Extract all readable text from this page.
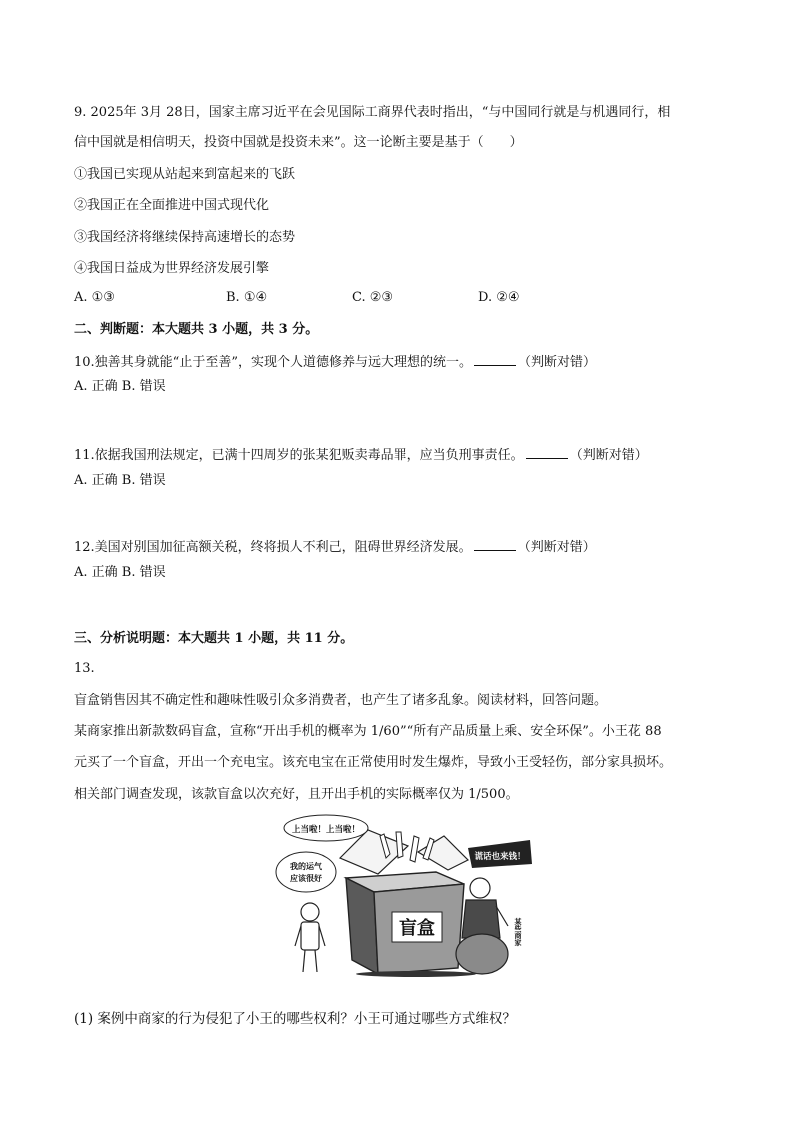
9. 2025年 3月 28日，国家主席习近平在会见国际工商界代表时指出，“与中国同行就是与机遇同行，相
信中国就是相信明天，投资中国就是投资未来”。这一论断主要是基于（　　）
①我国已实现从站起来到富起来的飞跃
②我国正在全面推进中国式现代化
③我国经济将继续保持高速增长的态势
④我国日益成为世界经济发展引擎
A. ①③	B. ①④	C. ②③	D. ②④
二、判断题：本大题共 3 小题，共 3 分。
10.独善其身就能“止于至善”，实现个人道德修养与远大理想的统一。	（判断对错）
A. 正确 B. 错误
11.依据我国刑法规定，已满十四周岁的张某犯贩卖毒品罪，应当负刑事责任。	（判断对错）
A. 正确 B. 错误
12.美国对别国加征高额关税，终将损人不利己，阻碍世界经济发展。	（判断对错）
A. 正确 B. 错误
三、分析说明题：本大题共 1 小题，共 11 分。
13.
盲盒销售因其不确定性和趣味性吸引众多消费者，也产生了诸多乱象。阅读材料，回答问题。
某商家推出新款数码盲盒，宣称“开出手机的概率为 1/60”“所有产品质量上乘、安全环保”。小王花 88
元买了一个盲盒，开出一个充电宝。该充电宝在正常使用时发生爆炸，导致小王受轻伤，部分家具损坏。
相关部门调查发现，该款盲盒以次充好，且开出手机的实际概率仅为 1/500。
盲盒
上当啦！上当啦！
我的运气
应该很好
谎话也来钱！
某些商家
(1) 案例中商家的行为侵犯了小王的哪些权利？小王可通过哪些方式维权？
